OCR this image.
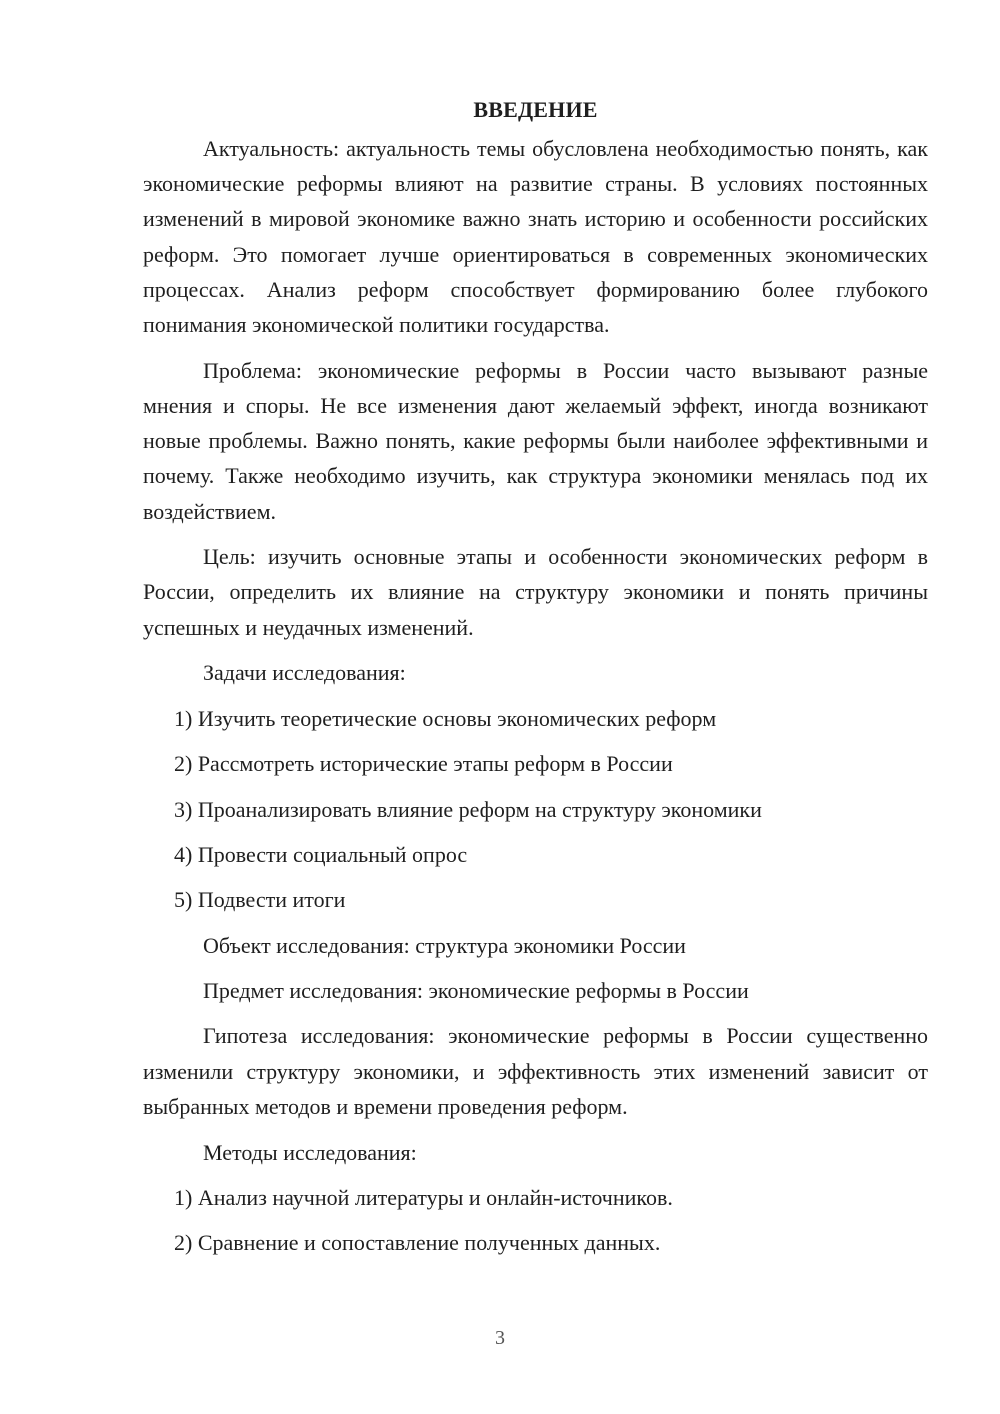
ВВЕДЕНИЕ

Актуальность: актуальность темы обусловлена необходимостью понять, как экономические реформы влияют на развитие страны. В условиях постоянных изменений в мировой экономике важно знать историю и особенности российских реформ. Это помогает лучше ориентироваться в современных экономических процессах. Анализ реформ способствует формированию более глубокого понимания экономической политики государства.

Проблема: экономические реформы в России часто вызывают разные мнения и споры. Не все изменения дают желаемый эффект, иногда возникают новые проблемы. Важно понять, какие реформы были наиболее эффективными и почему. Также необходимо изучить, как структура экономики менялась под их воздействием.

Цель: изучить основные этапы и особенности экономических реформ в России, определить их влияние на структуру экономики и понять причины успешных и неудачных изменений.

Задачи исследования:

1) Изучить теоретические основы экономических реформ

2) Рассмотреть исторические этапы реформ в России

3) Проанализировать влияние реформ на структуру экономики

4) Провести социальный опрос

5) Подвести итоги

Объект исследования: структура экономики России

Предмет исследования: экономические реформы в России

Гипотеза исследования: экономические реформы в России существенно изменили структуру экономики, и эффективность этих изменений зависит от выбранных методов и времени проведения реформ.

Методы исследования:

1) Анализ научной литературы и онлайн-источников.

2) Сравнение и сопоставление полученных данных.

3
